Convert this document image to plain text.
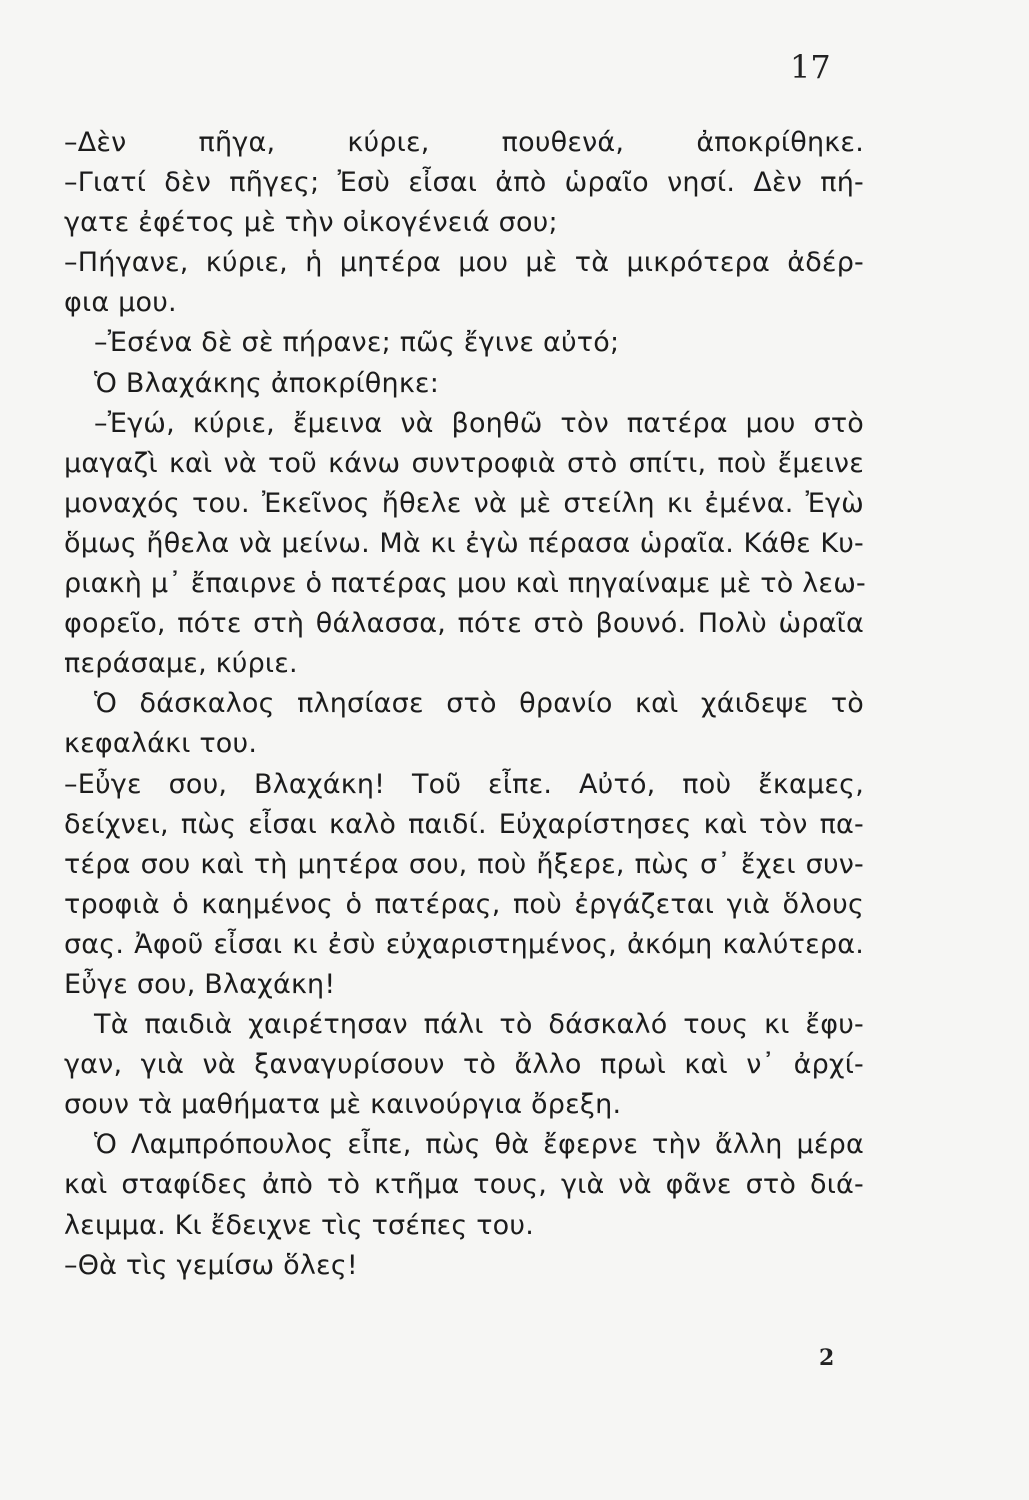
17
–Δὲν πῆγα, κύριε, πουθενά, ἀποκρίθηκε.
–Γιατί δὲν πῆγες; Ἐσὺ εἶσαι ἀπὸ ὡραῖο νησί. Δὲν πή-
γατε ἐφέτος μὲ τὴν οἰκογένειά σου;
–Πήγανε, κύριε, ἡ μητέρα μου μὲ τὰ μικρότερα ἀδέρ-
φια μου.
–Ἐσένα δὲ σὲ πήρανε; πῶς ἔγινε αὐτό;
Ὁ Βλαχάκης ἀποκρίθηκε:
–Ἐγώ, κύριε, ἔμεινα νὰ βοηθῶ τὸν πατέρα μου στὸ
μαγαζὶ καὶ νὰ τοῦ κάνω συντροφιὰ στὸ σπίτι, ποὺ ἔμεινε
μοναχός του. Ἐκεῖνος ἤθελε νὰ μὲ στείλη κι ἐμένα. Ἐγὼ
ὅμως ἤθελα νὰ μείνω. Μὰ κι ἐγὼ πέρασα ὡραῖα. Κάθε Κυ-
ριακὴ μ᾽ ἔπαιρνε ὁ πατέρας μου καὶ πηγαίναμε μὲ τὸ λεω-
φορεῖο, πότε στὴ θάλασσα, πότε στὸ βουνό. Πολὺ ὡραῖα
περάσαμε, κύριε.
Ὁ δάσκαλος πλησίασε στὸ θρανίο καὶ χάιδεψε τὸ
κεφαλάκι του.
–Εὖγε σου, Βλαχάκη! Τοῦ εἶπε. Αὐτό, ποὺ ἔκαμες,
δείχνει, πὼς εἶσαι καλὸ παιδί. Εὐχαρίστησες καὶ τὸν πα-
τέρα σου καὶ τὴ μητέρα σου, ποὺ ἤξερε, πὼς σ᾽ ἔχει συν-
τροφιὰ ὁ καημένος ὁ πατέρας, ποὺ ἐργάζεται γιὰ ὅλους
σας. Ἀφοῦ εἶσαι κι ἐσὺ εὐχαριστημένος, ἀκόμη καλύτερα.
Εὖγε σου, Βλαχάκη!
Τὰ παιδιὰ χαιρέτησαν πάλι τὸ δάσκαλό τους κι ἔφυ-
γαν, γιὰ νὰ ξαναγυρίσουν τὸ ἄλλο πρωὶ καὶ ν᾽ ἀρχί-
σουν τὰ μαθήματα μὲ καινούργια ὄρεξη.
Ὁ Λαμπρόπουλος εἶπε, πὼς θὰ ἔφερνε τὴν ἄλλη μέρα
καὶ σταφίδες ἀπὸ τὸ κτῆμα τους, γιὰ νὰ φᾶνε στὸ διά-
λειμμα. Κι ἔδειχνε τὶς τσέπες του.
–Θὰ τὶς γεμίσω ὅλες!
2
